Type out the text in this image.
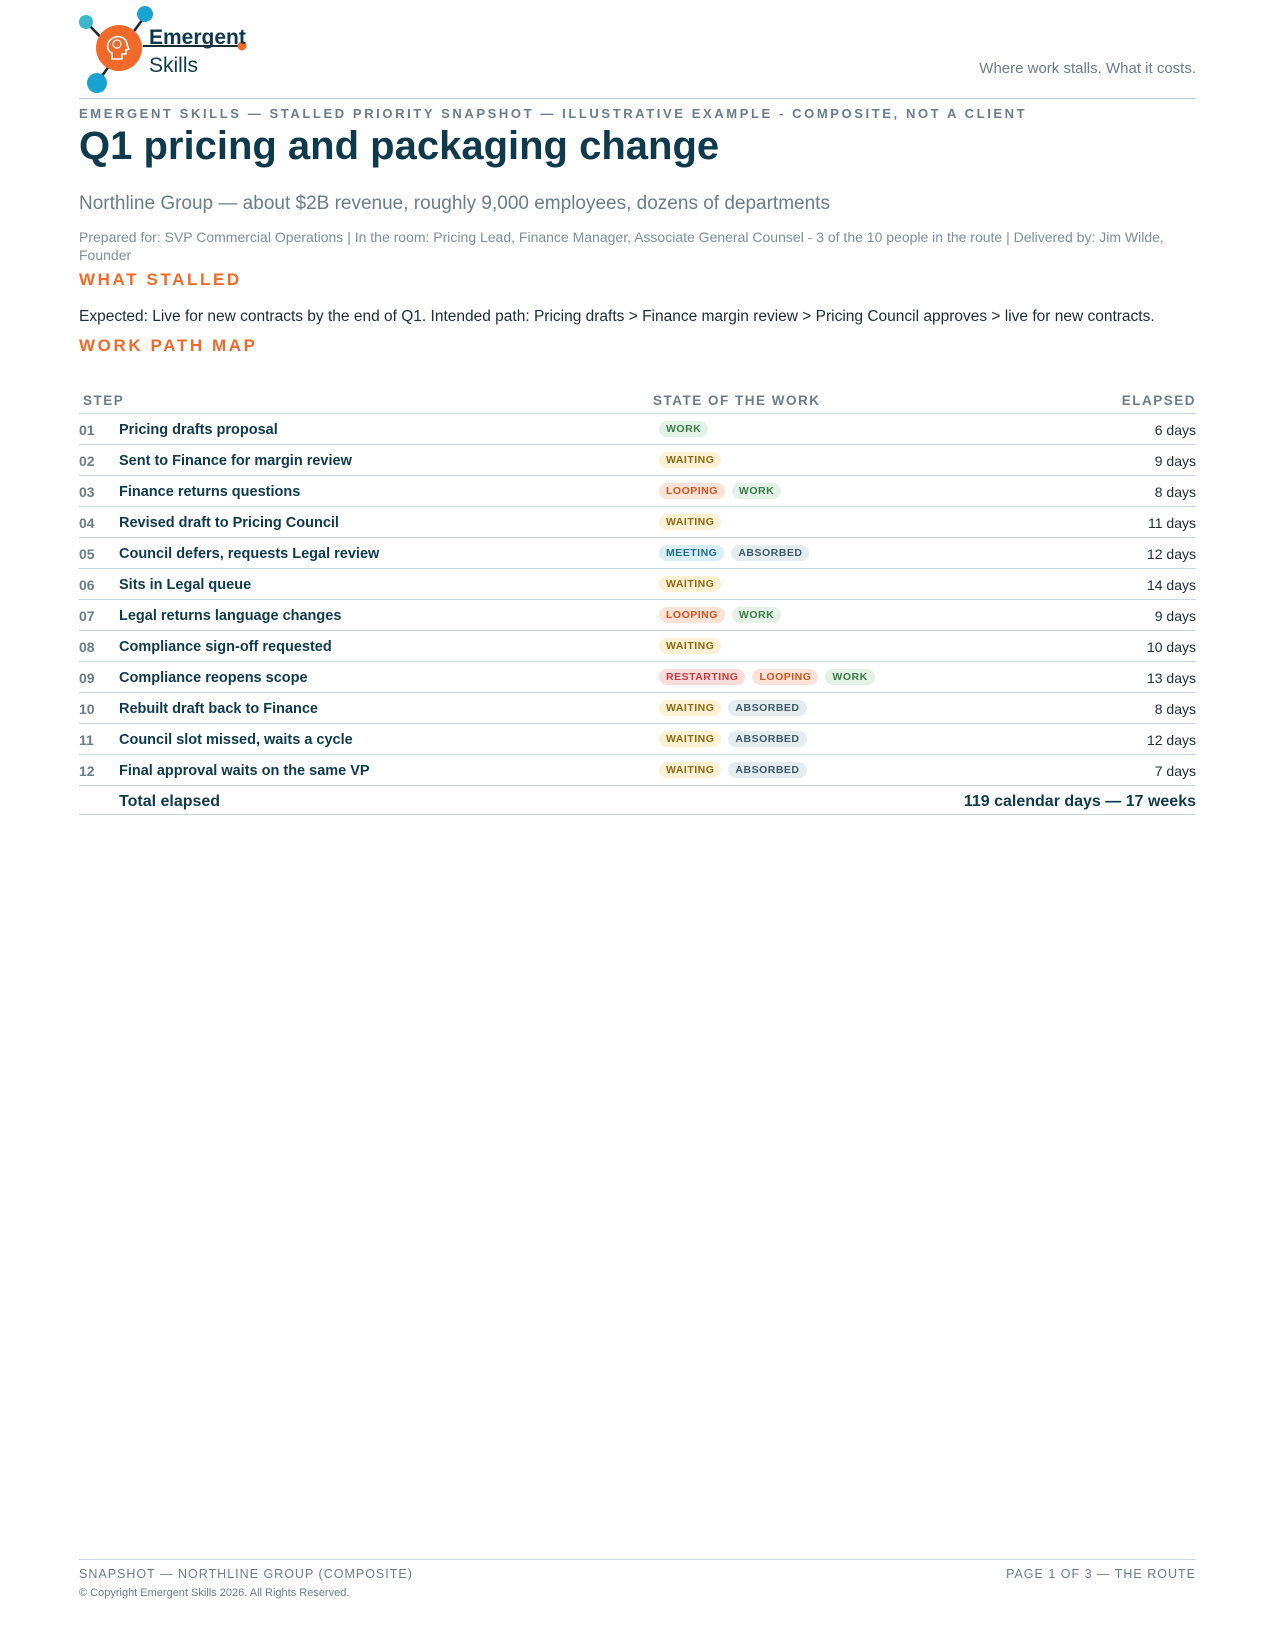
Emergent
Skills	Where work stalls. What it costs.
EMERGENT SKILLS — STALLED PRIORITY SNAPSHOT — ILLUSTRATIVE EXAMPLE - COMPOSITE, NOT A CLIENT
Q1 pricing and packaging change
Northline Group — about $2B revenue, roughly 9,000 employees, dozens of departments
Prepared for: SVP Commercial Operations | In the room: Pricing Lead, Finance Manager, Associate General Counsel - 3 of the 10 people in the route | Delivered by: Jim Wilde, Founder
WHAT STALLED
Expected: Live for new contracts by the end of Q1. Intended path: Pricing drafts > Finance margin review > Pricing Council approves > live for new contracts.
WORK PATH MAP
STEP	STATE OF THE WORK	ELAPSED
01 Pricing drafts proposal	WORK	6 days
02 Sent to Finance for margin review	WAITING	9 days
03 Finance returns questions	LOOPING	WORK	8 days
04 Revised draft to Pricing Council	WAITING	11 days
05 Council defers, requests Legal review	MEETING	ABSORBED	12 days
06 Sits in Legal queue	WAITING	14 days
07 Legal returns language changes	LOOPING	WORK	9 days
08 Compliance sign-off requested	WAITING	10 days
09 Compliance reopens scope	RESTARTING	LOOPING	WORK	13 days
10 Rebuilt draft back to Finance	WAITING	ABSORBED	8 days
11 Council slot missed, waits a cycle	WAITING	ABSORBED	12 days
12 Final approval waits on the same VP	WAITING	ABSORBED	7 days
Total elapsed	119 calendar days — 17 weeks
SNAPSHOT — NORTHLINE GROUP (COMPOSITE)	PAGE 1 OF 3 — THE ROUTE
© Copyright Emergent Skills 2026. All Rights Reserved.
